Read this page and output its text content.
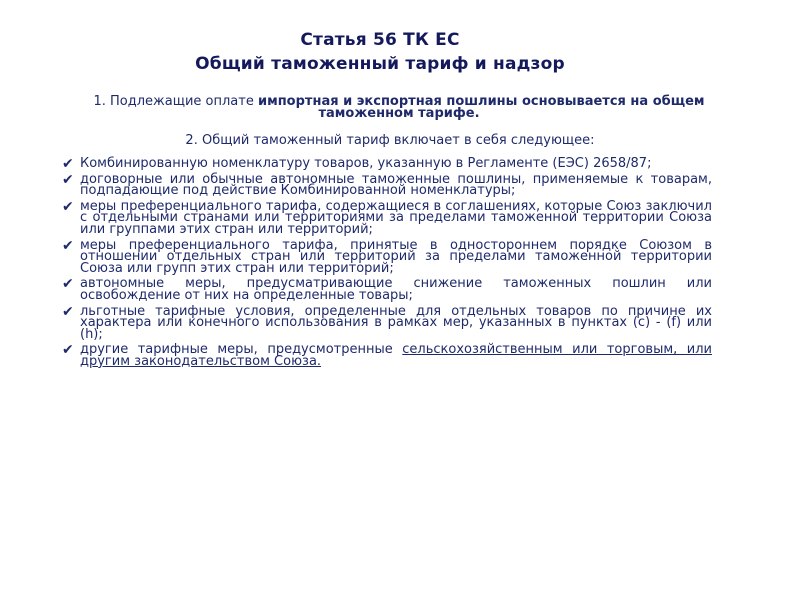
Статья 56 ТК ЕС
Общий таможенный тариф и надзор
1. Подлежащие оплате импортная и экспортная пошлины основывается на общем таможенном тарифе.
2. Общий таможенный тариф включает в себя следующее:
✔ Комбинированную номенклатуру товаров, указанную в Регламенте (ЕЭС) 2658/87;
✔ договорные или обычные автономные таможенные пошлины, применяемые к товарам, подпадающие под действие Комбинированной номенклатуры;
✔ меры преференциального тарифа, содержащиеся в соглашениях, которые Союз заключил с отдельными странами или территориями за пределами таможенной территории Союза или группами этих стран или территорий;
✔ меры преференциального тарифа, принятые в одностороннем порядке Союзом в отношении отдельных стран или территорий за пределами таможенной территории Союза или групп этих стран или территорий;
✔ автономные меры, предусматривающие снижение таможенных пошлин или освобождение от них на определенные товары;
✔ льготные тарифные условия, определенные для отдельных товаров по причине их характера или конечного использования в рамках мер, указанных в пунктах (c) - (f) или (h);
✔ другие тарифные меры, предусмотренные сельскохозяйственным или торговым, или другим законодательством Союза.
